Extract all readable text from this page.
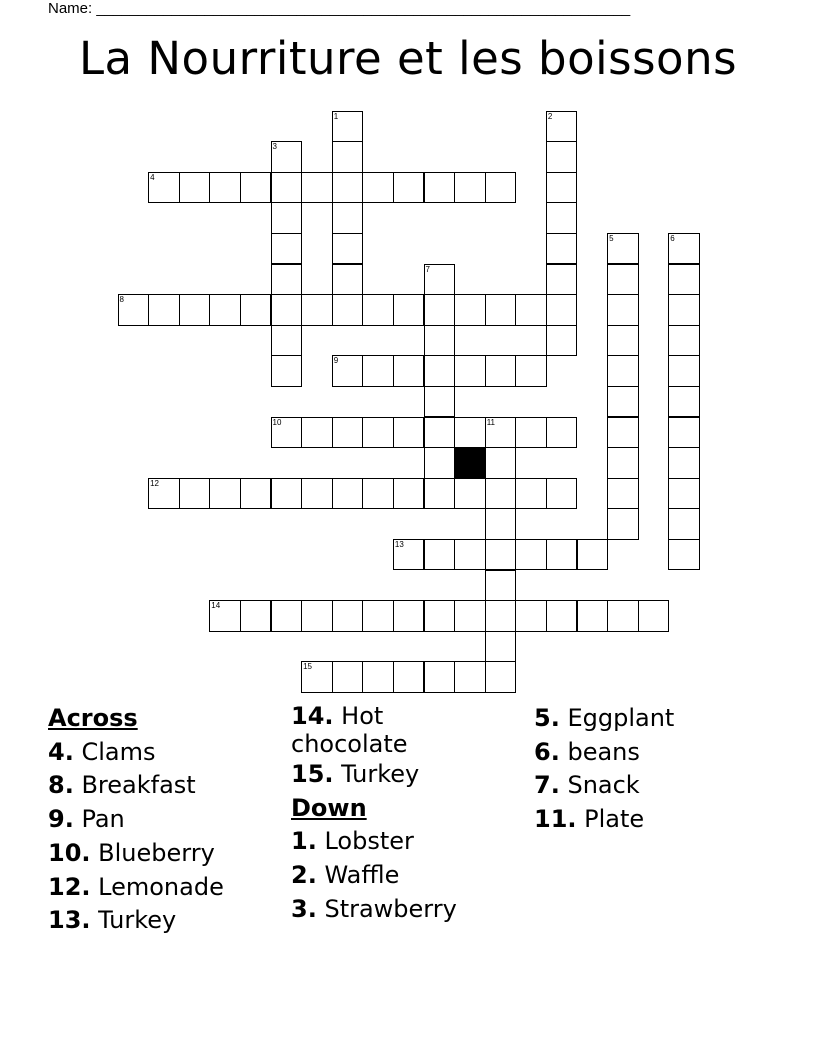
Name: ________________________________________________________________
La Nourriture et les boissons
1	2
3
4
5	6
7
8
9
10	11
12
13
14
15
Across
4. Clams
8. Breakfast
9. Pan
10. Blueberry
12. Lemonade
13. Turkey
14. Hot
chocolate
15. Turkey
Down
1. Lobster
2. Waffle
3. Strawberry
5. Eggplant
6. beans
7. Snack
11. Plate
